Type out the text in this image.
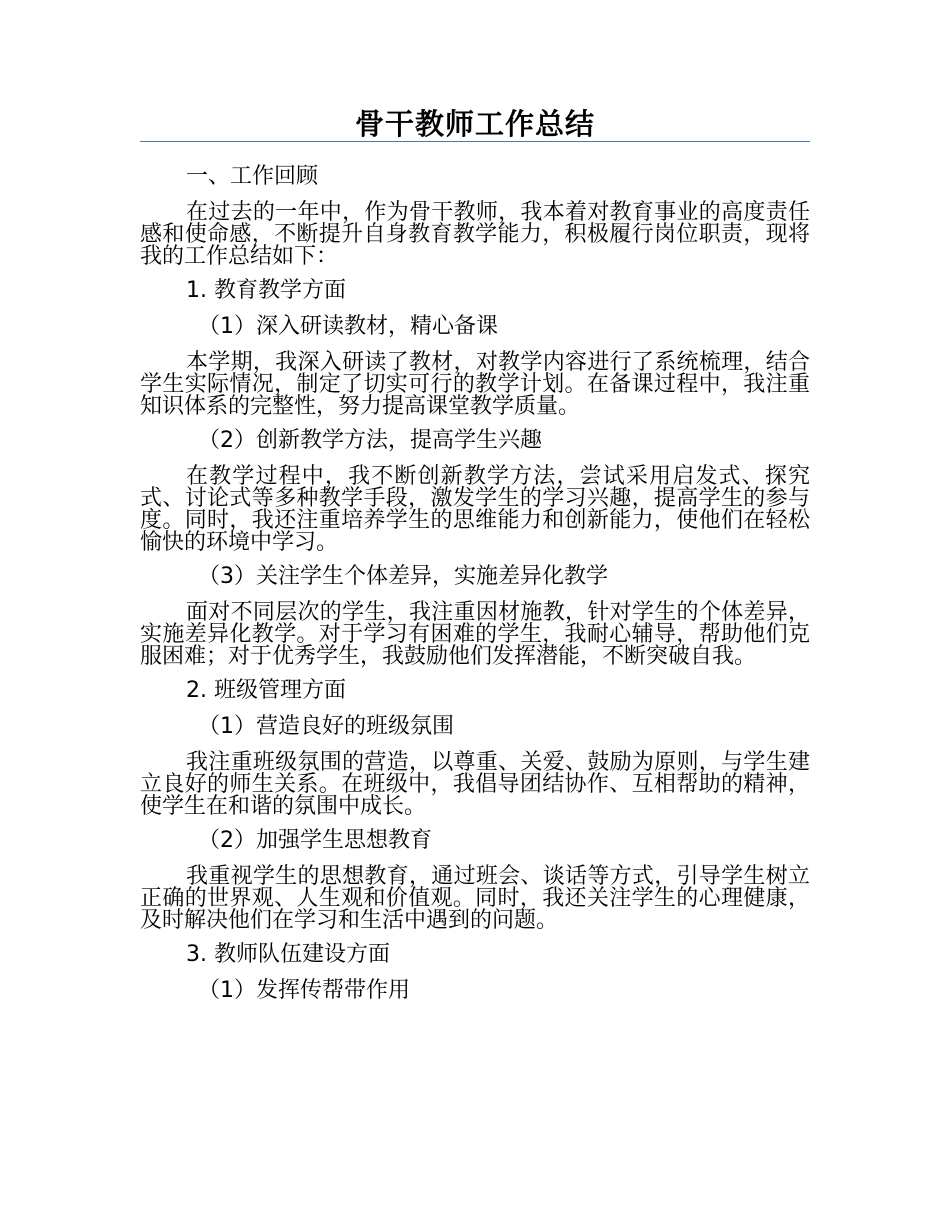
骨干教师工作总结

一、工作回顾

在过去的一年中，作为骨干教师，我本着对教育事业的高度责任感和使命感，不断提升自身教育教学能力，积极履行岗位职责，现将我的工作总结如下：

1. 教育教学方面

（1）深入研读教材，精心备课

本学期，我深入研读了教材，对教学内容进行了系统梳理，结合学生实际情况，制定了切实可行的教学计划。在备课过程中，我注重知识体系的完整性，努力提高课堂教学质量。

（2）创新教学方法，提高学生兴趣

在教学过程中，我不断创新教学方法，尝试采用启发式、探究式、讨论式等多种教学手段，激发学生的学习兴趣，提高学生的参与度。同时，我还注重培养学生的思维能力和创新能力，使他们在轻松愉快的环境中学习。

（3）关注学生个体差异，实施差异化教学

面对不同层次的学生，我注重因材施教，针对学生的个体差异，实施差异化教学。对于学习有困难的学生，我耐心辅导，帮助他们克服困难；对于优秀学生，我鼓励他们发挥潜能，不断突破自我。

2. 班级管理方面

（1）营造良好的班级氛围

我注重班级氛围的营造，以尊重、关爱、鼓励为原则，与学生建立良好的师生关系。在班级中，我倡导团结协作、互相帮助的精神，使学生在和谐的氛围中成长。

（2）加强学生思想教育

我重视学生的思想教育，通过班会、谈话等方式，引导学生树立正确的世界观、人生观和价值观。同时，我还关注学生的心理健康，及时解决他们在学习和生活中遇到的问题。

3. 教师队伍建设方面

（1）发挥传帮带作用
